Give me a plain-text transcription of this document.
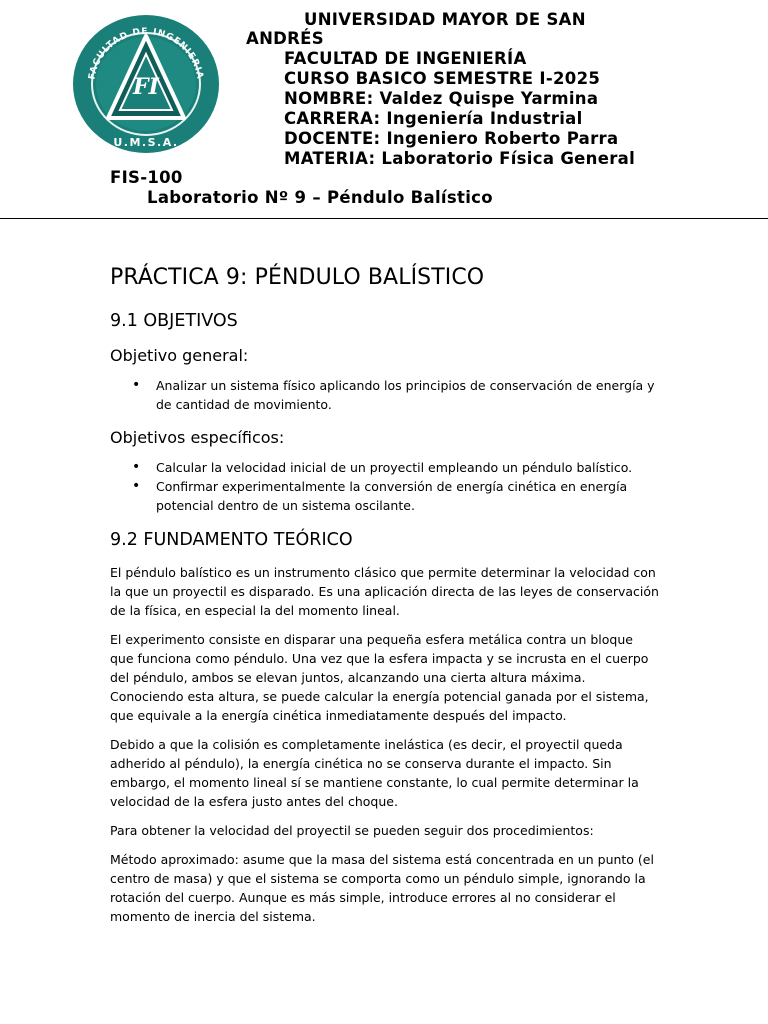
FACULTAD DE INGENIERIA
FI
U.M.S.A.
UNIVERSIDAD MAYOR DE SAN
ANDRÉS
FACULTAD DE INGENIERÍA
CURSO BASICO SEMESTRE I-2025
NOMBRE: Valdez Quispe Yarmina
CARRERA: Ingeniería Industrial
DOCENTE: Ingeniero Roberto Parra
MATERIA: Laboratorio Física General
FIS-100
Laboratorio Nº 9 – Péndulo Balístico
PRÁCTICA 9: PÉNDULO BALÍSTICO
9.1 OBJETIVOS
Objetivo general:
• Analizar un sistema físico aplicando los principios de conservación de energía y de cantidad de movimiento.
Objetivos específicos:
• Calcular la velocidad inicial de un proyectil empleando un péndulo balístico.
• Confirmar experimentalmente la conversión de energía cinética en energía potencial dentro de un sistema oscilante.
9.2 FUNDAMENTO TEÓRICO

El péndulo balístico es un instrumento clásico que permite determinar la velocidad con la que un proyectil es disparado. Es una aplicación directa de las leyes de conservación de la física, en especial la del momento lineal.

El experimento consiste en disparar una pequeña esfera metálica contra un bloque que funciona como péndulo. Una vez que la esfera impacta y se incrusta en el cuerpo del péndulo, ambos se elevan juntos, alcanzando una cierta altura máxima. Conociendo esta altura, se puede calcular la energía potencial ganada por el sistema, que equivale a la energía cinética inmediatamente después del impacto.

Debido a que la colisión es completamente inelástica (es decir, el proyectil queda adherido al péndulo), la energía cinética no se conserva durante el impacto. Sin embargo, el momento lineal sí se mantiene constante, lo cual permite determinar la velocidad de la esfera justo antes del choque.

Para obtener la velocidad del proyectil se pueden seguir dos procedimientos:

Método aproximado: asume que la masa del sistema está concentrada en un punto (el centro de masa) y que el sistema se comporta como un péndulo simple, ignorando la rotación del cuerpo. Aunque es más simple, introduce errores al no considerar el momento de inercia del sistema.
